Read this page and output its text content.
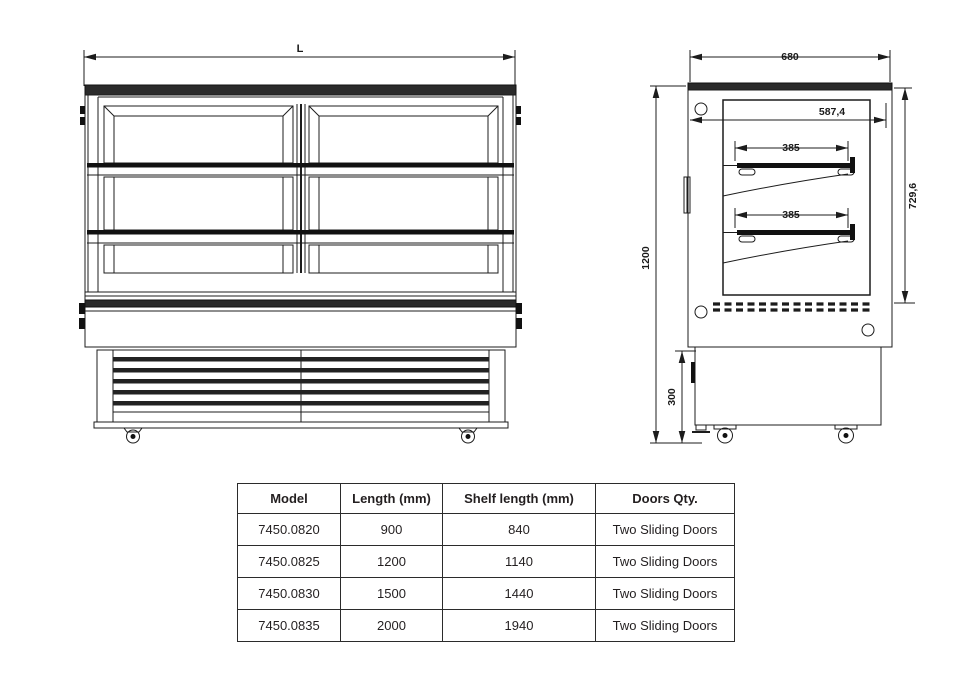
L
680
587,4
385
385
729,6
1200
300
Model	Length (mm)	Shelf length (mm)	Doors Qty.
7450.0820	900	840	Two Sliding Doors
7450.0825	1200	1140	Two Sliding Doors
7450.0830	1500	1440	Two Sliding Doors
7450.0835	2000	1940	Two Sliding Doors
